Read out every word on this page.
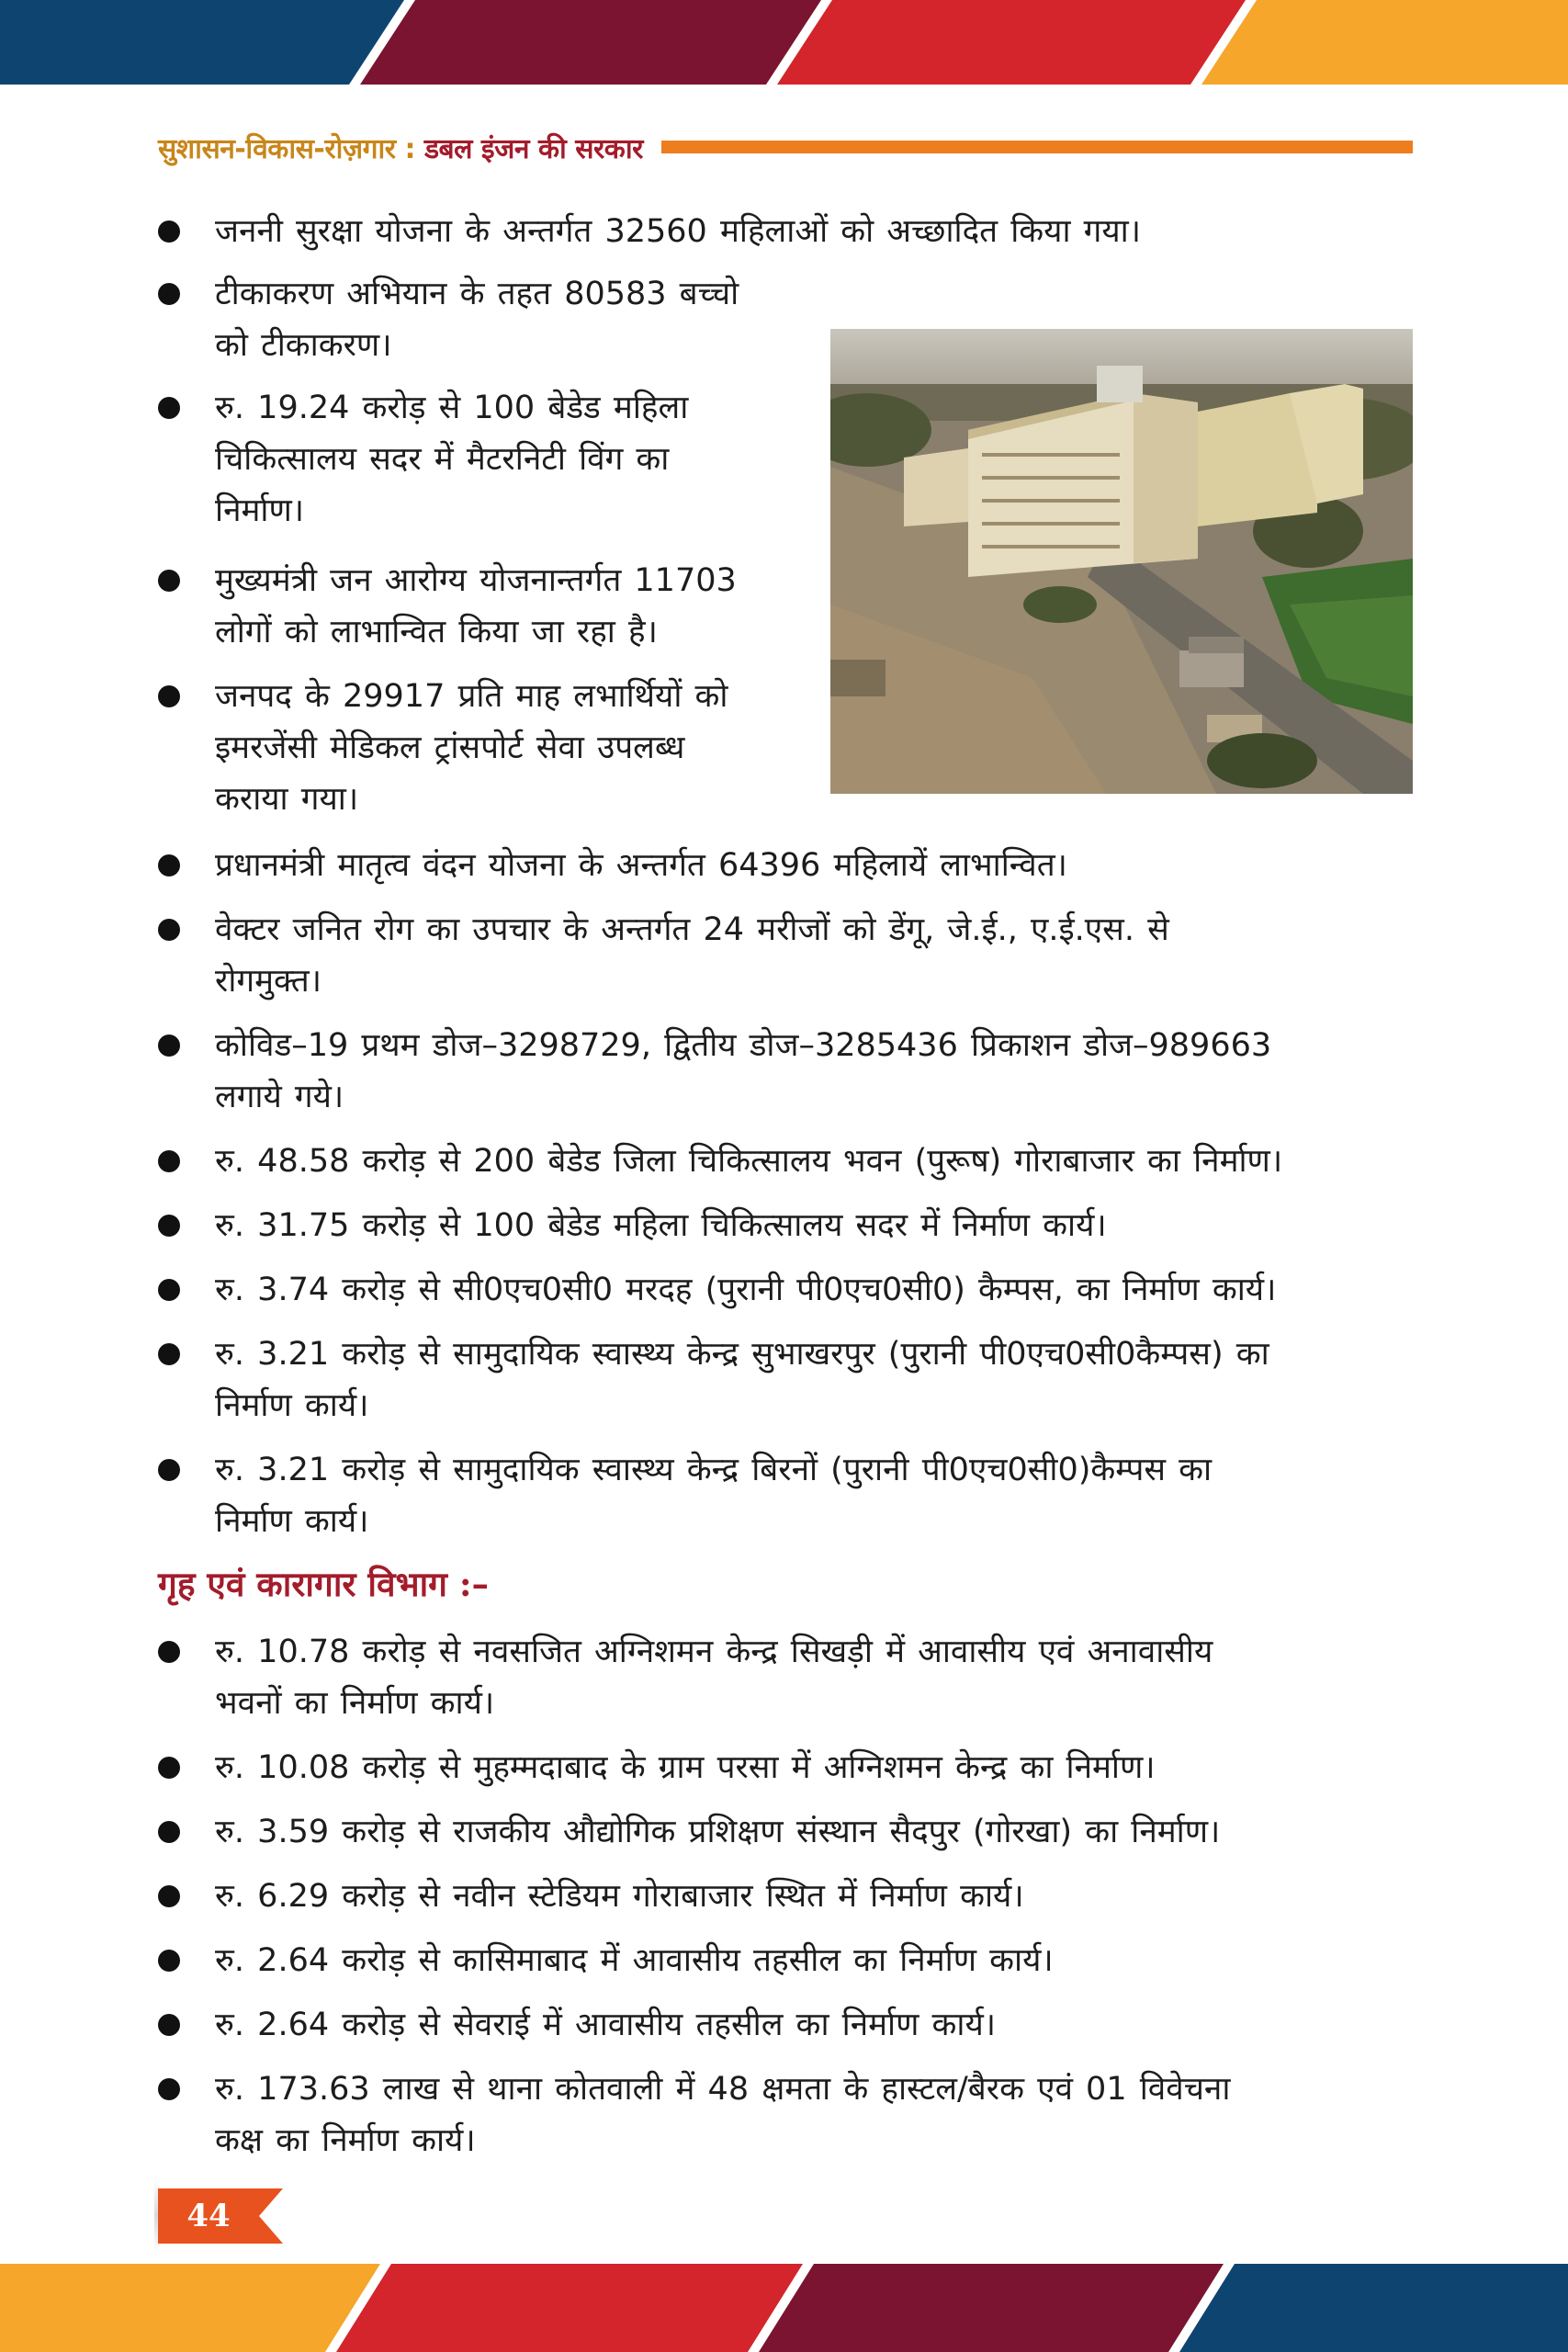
सुशासन-विकास-रोज़गार : डबल इंजन की सरकार
जननी सुरक्षा योजना के अन्तर्गत 32560 महिलाओं को अच्छादित किया गया।
टीकाकरण अभियान के तहत 80583 बच्चो
को टीकाकरण।
रु. 19.24 करोड़ से 100 बेडेड महिला
चिकित्सालय सदर में मैटरनिटी विंग का
निर्माण।
मुख्यमंत्री जन आरोग्य योजनान्तर्गत 11703
लोगों को लाभान्वित किया जा रहा है।
जनपद के 29917 प्रति माह लभार्थियों को
इमरजेंसी मेडिकल ट्रांसपोर्ट सेवा उपलब्ध
कराया गया।
प्रधानमंत्री मातृत्व वंदन योजना के अन्तर्गत 64396 महिलायें लाभान्वित।
वेक्टर जनित रोग का उपचार के अन्तर्गत 24 मरीजों को डेंगू, जे.ई., ए.ई.एस. से
रोगमुक्त।
कोविड–19 प्रथम डोज–3298729, द्वितीय डोज–3285436 प्रिकाशन डोज–989663
लगाये गये।
रु. 48.58 करोड़ से 200 बेडेड जिला चिकित्सालय भवन (पुरूष) गोराबाजार का निर्माण।
रु. 31.75 करोड़ से 100 बेडेड महिला चिकित्सालय सदर में निर्माण कार्य।
रु. 3.74 करोड़ से सी0एच0सी0 मरदह (पुरानी पी0एच0सी0) कैम्पस, का निर्माण कार्य।
रु. 3.21 करोड़ से सामुदायिक स्वास्थ्य केन्द्र सुभाखरपुर (पुरानी पी0एच0सी0कैम्पस) का
निर्माण कार्य।
रु. 3.21 करोड़ से सामुदायिक स्वास्थ्य केन्द्र बिरनों (पुरानी पी0एच0सी0)कैम्पस का
निर्माण कार्य।
गृह एवं कारागार विभाग :–
रु. 10.78 करोड़ से नवसजित अग्निशमन केन्द्र सिखड़ी में आवासीय एवं अनावासीय
भवनों का निर्माण कार्य।
रु. 10.08 करोड़ से मुहम्मदाबाद के ग्राम परसा में अग्निशमन केन्द्र का निर्माण।
रु. 3.59 करोड़ से राजकीय औद्योगिक प्रशिक्षण संस्थान सैदपुर (गोरखा) का निर्माण।
रु. 6.29 करोड़ से नवीन स्टेडियम गोराबाजार स्थित में निर्माण कार्य।
रु. 2.64 करोड़ से कासिमाबाद में आवासीय तहसील का निर्माण कार्य।
रु. 2.64 करोड़ से सेवराई में आवासीय तहसील का निर्माण कार्य।
रु. 173.63 लाख से थाना कोतवाली में 48 क्षमता के हास्टल/बैरक एवं 01 विवेचना
कक्ष का निर्माण कार्य।
44
